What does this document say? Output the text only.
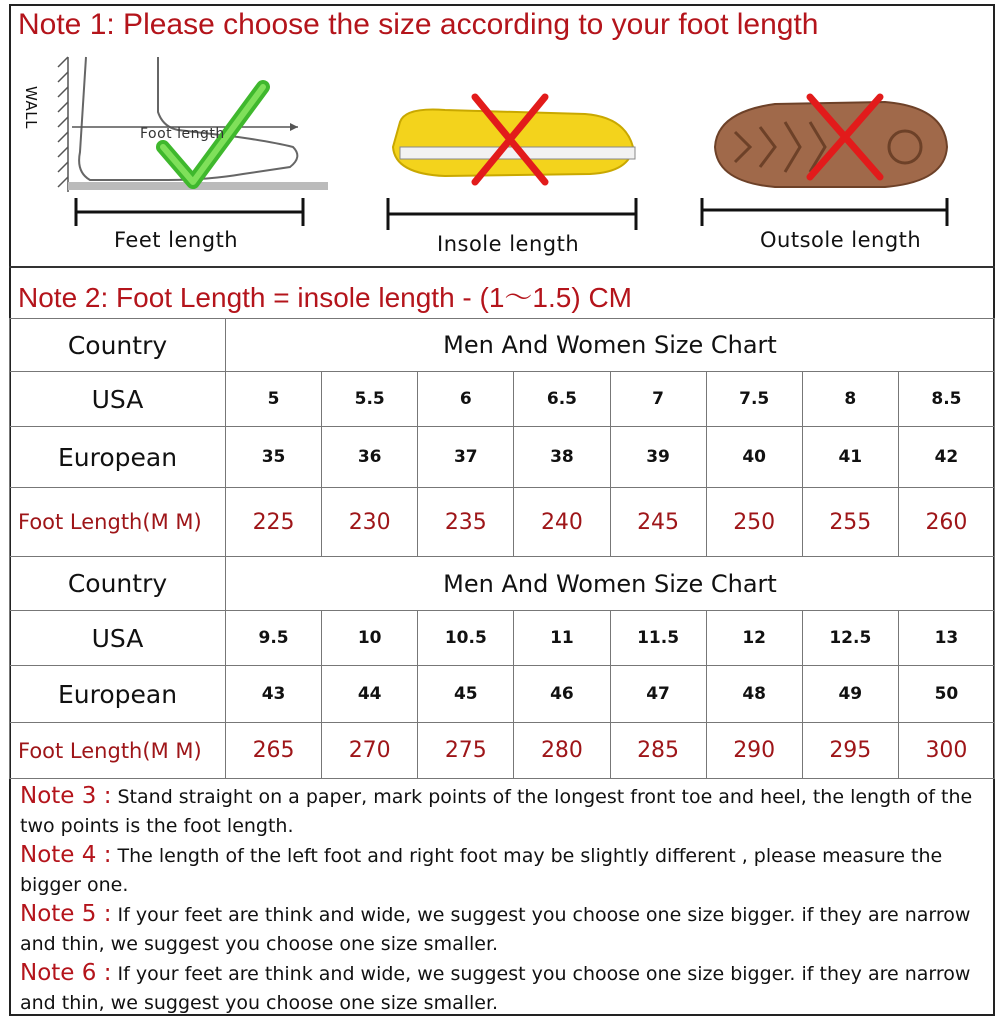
Note 1: Please choose the size according to your foot length
WALL
Foot length
Feet length	Insole length	Outsole length
Note 2: Foot Length = insole length - (1～1.5) CM
Country	Men And Women Size Chart							
USA	5	5.5	6	6.5	7	7.5	8	8.5
European	35	36	37	38	39	40	41	42
Foot Length(M M)	225	230	235	240	245	250	255	260
Country	Men And Women Size Chart							
USA	9.5	10	10.5	11	11.5	12	12.5	13
European	43	44	45	46	47	48	49	50
Foot Length(M M)	265	270	275	280	285	290	295	300
Note 3 : Stand straight on a paper, mark points of the longest front toe and heel, the length of the two points is the foot length.
Note 4 : The length of the left foot and right foot may be slightly different , please measure the bigger one.
Note 5 : If your feet are think and wide, we suggest you choose one size bigger. if they are narrow and thin, we suggest you choose one size smaller.
Note 6 : If your feet are think and wide, we suggest you choose one size bigger. if they are narrow and thin, we suggest you choose one size smaller.
